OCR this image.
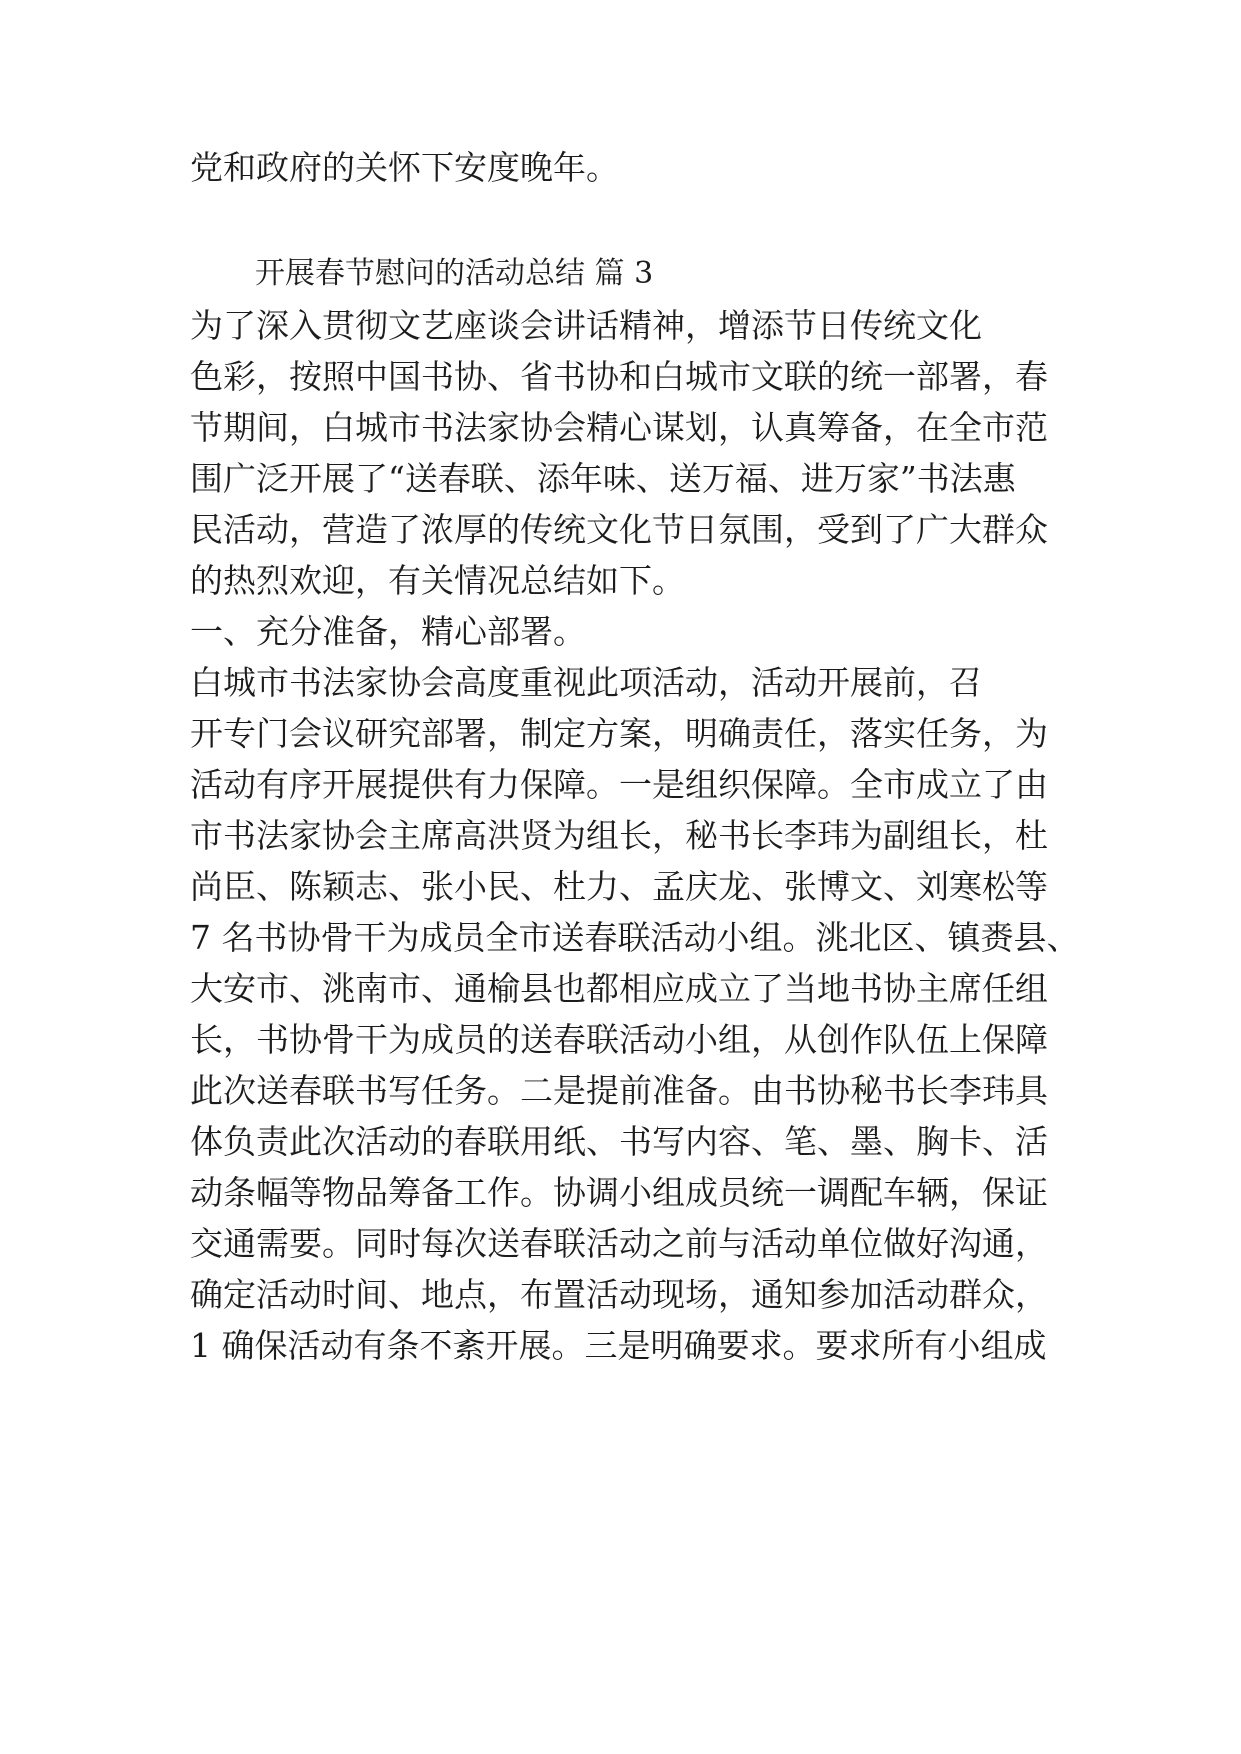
党和政府的关怀下安度晚年。
开展春节慰问的活动总结 篇 3
为了深入贯彻文艺座谈会讲话精神，增添节日传统文化
色彩，按照中国书协、省书协和白城市文联的统一部署，春
节期间，白城市书法家协会精心谋划，认真筹备，在全市范
围广泛开展了“送春联、添年味、送万福、进万家”书法惠
民活动，营造了浓厚的传统文化节日氛围，受到了广大群众
的热烈欢迎，有关情况总结如下。
一、充分准备，精心部署。
白城市书法家协会高度重视此项活动，活动开展前，召
开专门会议研究部署，制定方案，明确责任，落实任务，为
活动有序开展提供有力保障。一是组织保障。全市成立了由
市书法家协会主席高洪贤为组长，秘书长李玮为副组长，杜
尚臣、陈颖志、张小民、杜力、孟庆龙、张博文、刘寒松等
7 名书协骨干为成员全市送春联活动小组。洮北区、镇赉县、
大安市、洮南市、通榆县也都相应成立了当地书协主席任组
长，书协骨干为成员的送春联活动小组，从创作队伍上保障
此次送春联书写任务。二是提前准备。由书协秘书长李玮具
体负责此次活动的春联用纸、书写内容、笔、墨、胸卡、活
动条幅等物品筹备工作。协调小组成员统一调配车辆，保证
交通需要。同时每次送春联活动之前与活动单位做好沟通，
确定活动时间、地点，布置活动现场，通知参加活动群众，
1 确保活动有条不紊开展。三是明确要求。要求所有小组成
